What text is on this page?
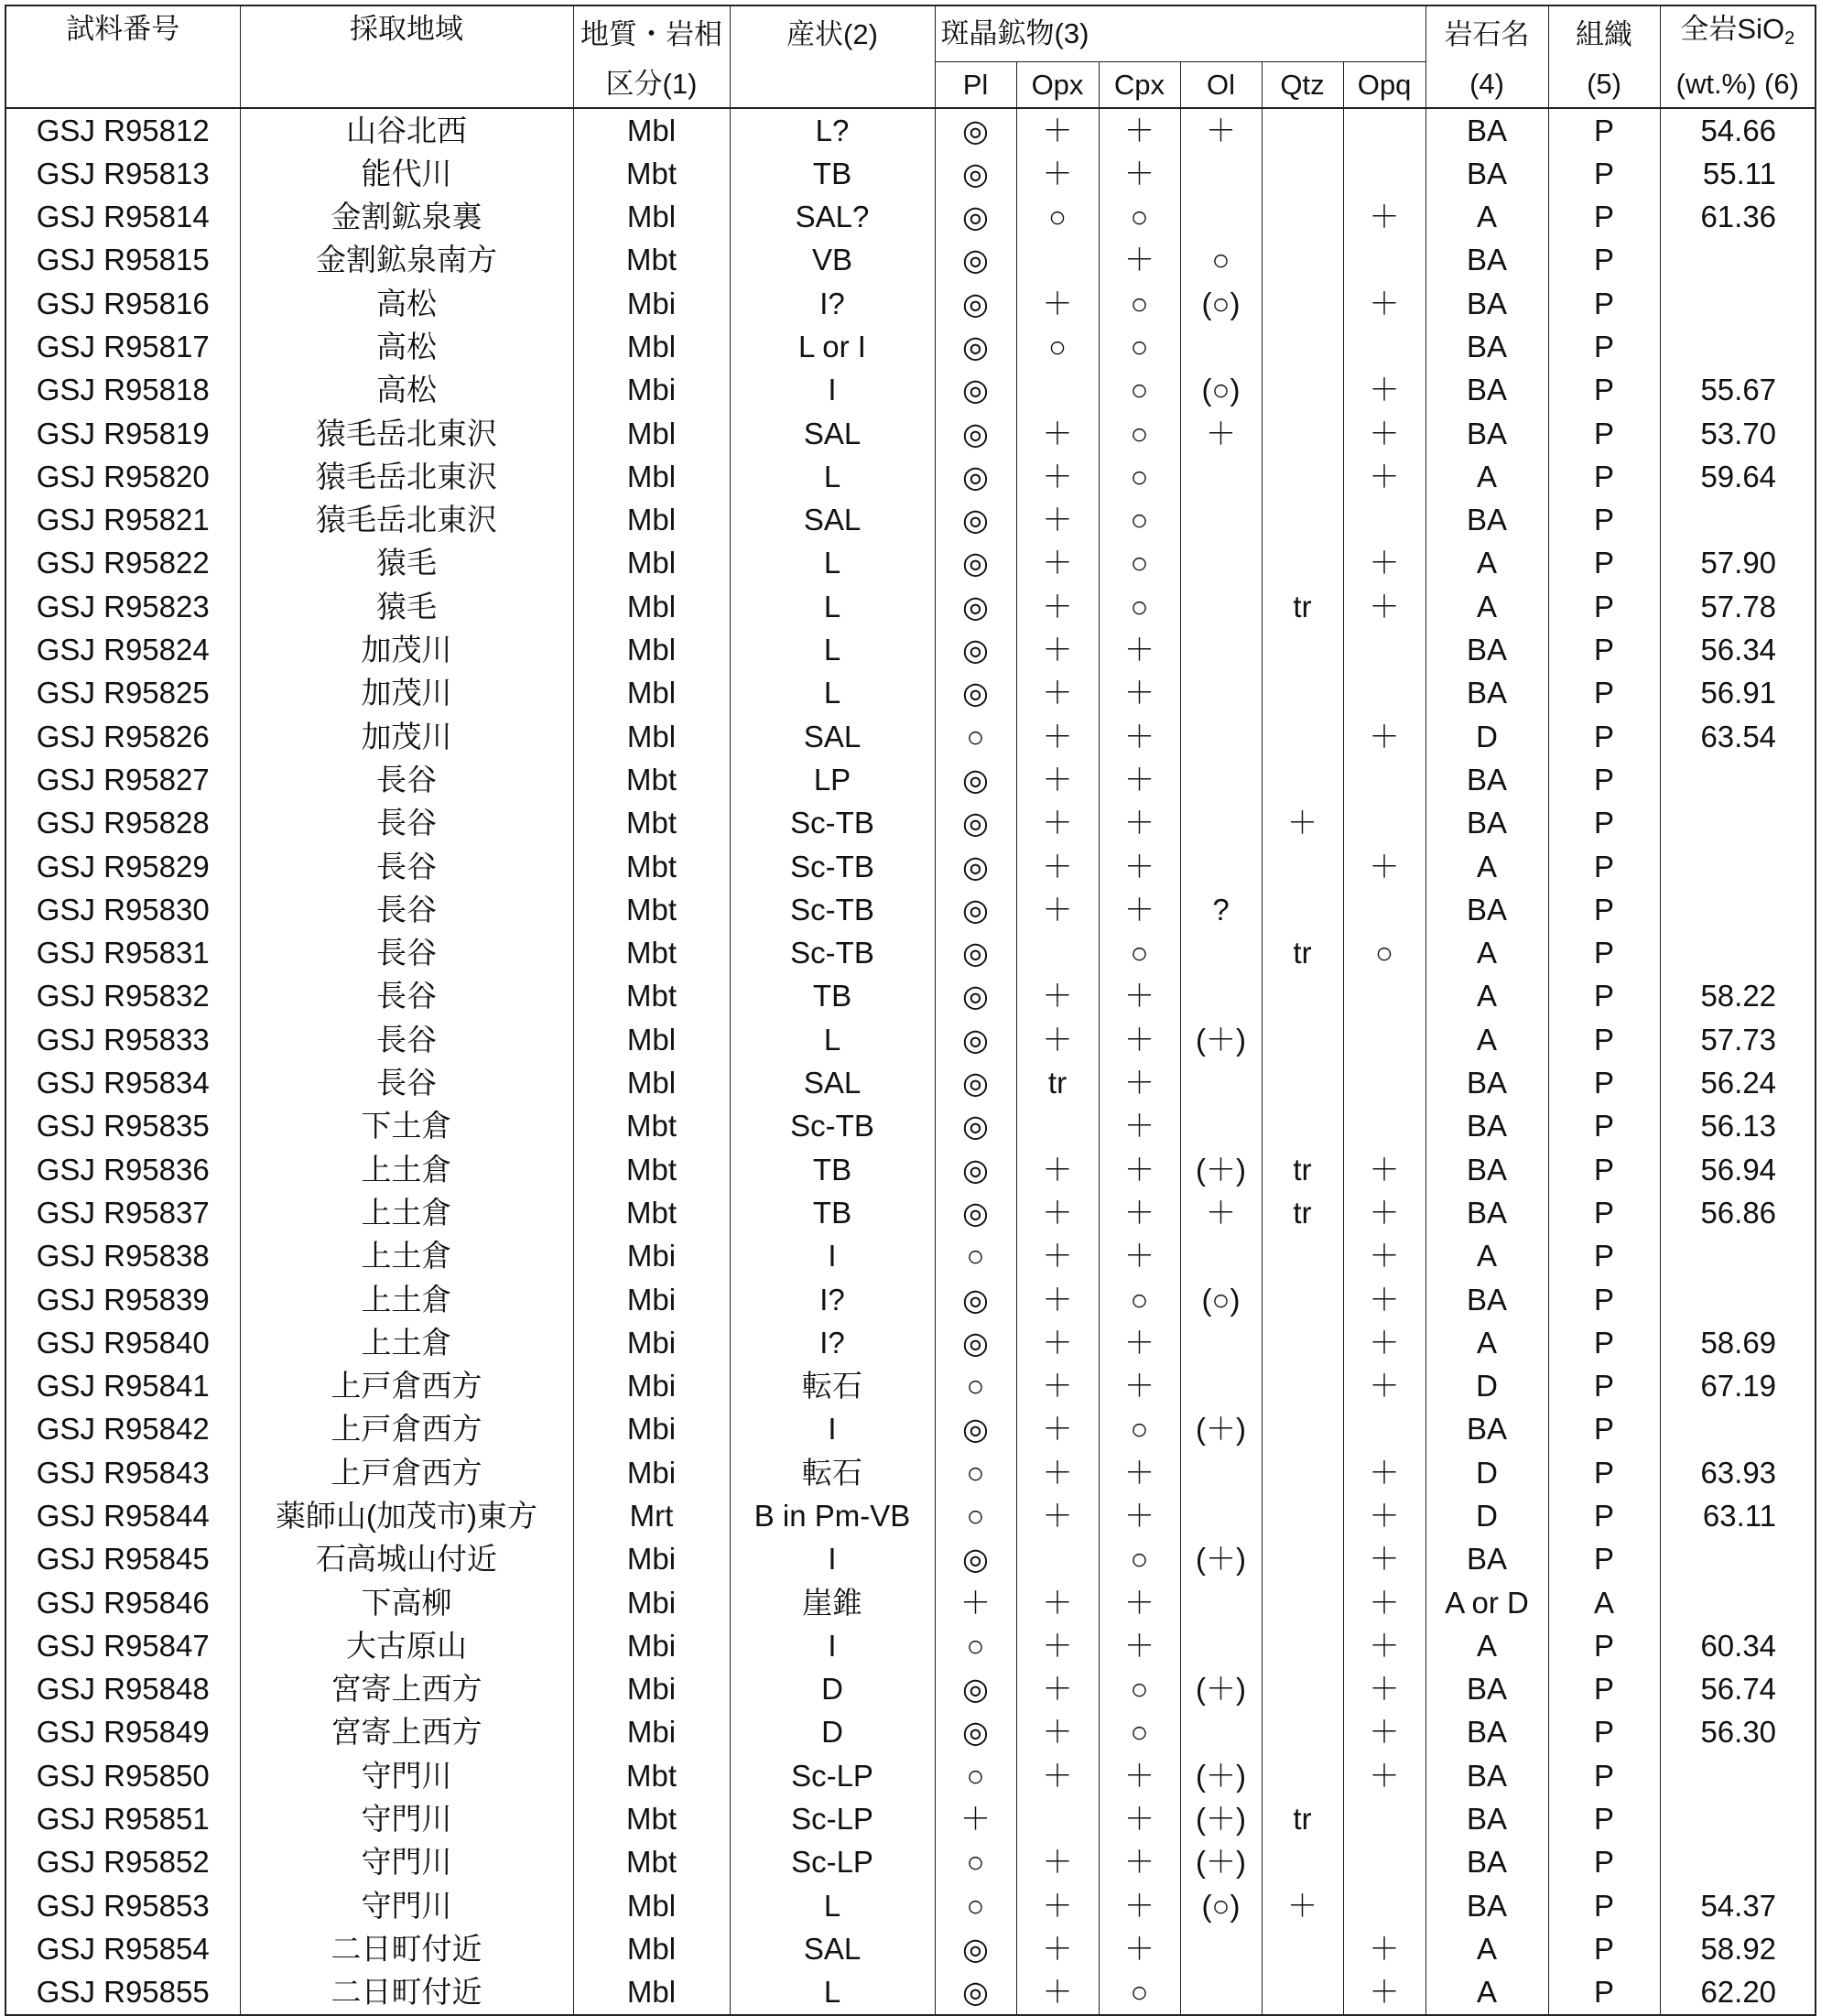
試料番号	採取地域	地質・岩相	産状(2)	斑晶鉱物(3)						岩石名	組織	全岩SiO$_2$
		区分(1)		Pl	Opx	Cpx	Ol	Qtz	Opq	(4)	(5)	(wt.%) (6)
GSJ R95812	山谷北西	Mbl	L?	◎	＋	＋	＋			BA	P	54.66
GSJ R95813	能代川	Mbt	TB	◎	＋	＋				BA	P	55.11
GSJ R95814	金割鉱泉裏	Mbl	SAL?	◎	○	○			＋	A	P	61.36
GSJ R95815	金割鉱泉南方	Mbt	VB	◎		＋	○			BA	P	
GSJ R95816	高松	Mbi	I?	◎	＋	○	(○)		＋	BA	P	
GSJ R95817	高松	Mbl	L or I	◎	○	○				BA	P	
GSJ R95818	高松	Mbi	I	◎		○	(○)		＋	BA	P	55.67
GSJ R95819	猿毛岳北東沢	Mbl	SAL	◎	＋	○	＋		＋	BA	P	53.70
GSJ R95820	猿毛岳北東沢	Mbl	L	◎	＋	○			＋	A	P	59.64
GSJ R95821	猿毛岳北東沢	Mbl	SAL	◎	＋	○				BA	P	
GSJ R95822	猿毛	Mbl	L	◎	＋	○			＋	A	P	57.90
GSJ R95823	猿毛	Mbl	L	◎	＋	○		tr	＋	A	P	57.78
GSJ R95824	加茂川	Mbl	L	◎	＋	＋				BA	P	56.34
GSJ R95825	加茂川	Mbl	L	◎	＋	＋				BA	P	56.91
GSJ R95826	加茂川	Mbl	SAL	○	＋	＋			＋	D	P	63.54
GSJ R95827	長谷	Mbt	LP	◎	＋	＋				BA	P	
GSJ R95828	長谷	Mbt	Sc-TB	◎	＋	＋		＋		BA	P	
GSJ R95829	長谷	Mbt	Sc-TB	◎	＋	＋			＋	A	P	
GSJ R95830	長谷	Mbt	Sc-TB	◎	＋	＋	?			BA	P	
GSJ R95831	長谷	Mbt	Sc-TB	◎		○		tr	○	A	P	
GSJ R95832	長谷	Mbt	TB	◎	＋	＋				A	P	58.22
GSJ R95833	長谷	Mbl	L	◎	＋	＋	(＋)			A	P	57.73
GSJ R95834	長谷	Mbl	SAL	◎	tr	＋				BA	P	56.24
GSJ R95835	下土倉	Mbt	Sc-TB	◎		＋				BA	P	56.13
GSJ R95836	上土倉	Mbt	TB	◎	＋	＋	(＋)	tr	＋	BA	P	56.94
GSJ R95837	上土倉	Mbt	TB	◎	＋	＋	＋	tr	＋	BA	P	56.86
GSJ R95838	上土倉	Mbi	I	○	＋	＋			＋	A	P	
GSJ R95839	上土倉	Mbi	I?	◎	＋	○	(○)		＋	BA	P	
GSJ R95840	上土倉	Mbi	I?	◎	＋	＋			＋	A	P	58.69
GSJ R95841	上戸倉西方	Mbi	転石	○	＋	＋			＋	D	P	67.19
GSJ R95842	上戸倉西方	Mbi	I	◎	＋	○	(＋)			BA	P	
GSJ R95843	上戸倉西方	Mbi	転石	○	＋	＋			＋	D	P	63.93
GSJ R95844	薬師山(加茂市)東方	Mrt	B in Pm-VB	○	＋	＋			＋	D	P	63.11
GSJ R95845	石高城山付近	Mbi	I	◎		○	(＋)		＋	BA	P	
GSJ R95846	下高柳	Mbi	崖錐	＋	＋	＋			＋	A or D	A	
GSJ R95847	大古原山	Mbi	I	○	＋	＋			＋	A	P	60.34
GSJ R95848	宮寄上西方	Mbi	D	◎	＋	○	(＋)		＋	BA	P	56.74
GSJ R95849	宮寄上西方	Mbi	D	◎	＋	○			＋	BA	P	56.30
GSJ R95850	守門川	Mbt	Sc-LP	○	＋	＋	(＋)		＋	BA	P	
GSJ R95851	守門川	Mbt	Sc-LP	＋		＋	(＋)	tr		BA	P	
GSJ R95852	守門川	Mbt	Sc-LP	○	＋	＋	(＋)			BA	P	
GSJ R95853	守門川	Mbl	L	○	＋	＋	(○)	＋		BA	P	54.37
GSJ R95854	二日町付近	Mbl	SAL	◎	＋	＋			＋	A	P	58.92
GSJ R95855	二日町付近	Mbl	L	◎	＋	○			＋	A	P	62.20
